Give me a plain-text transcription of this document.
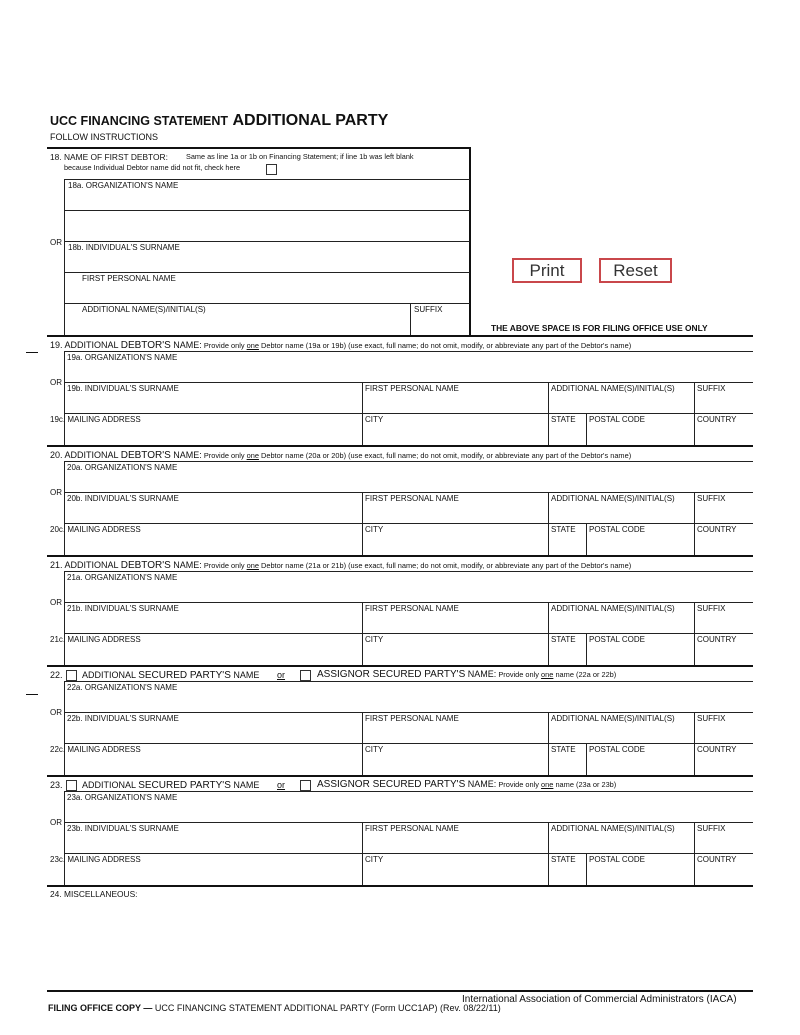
UCC FINANCING STATEMENT ADDITIONAL PARTY
FOLLOW INSTRUCTIONS
18. NAME OF FIRST DEBTOR: Same as line 1a or 1b on Financing Statement; if line 1b was left blank
because Individual Debtor name did not fit, check here
18a. ORGANIZATION'S NAME
OR
18b. INDIVIDUAL'S SURNAME
FIRST PERSONAL NAME
ADDITIONAL NAME(S)/INITIAL(S)	SUFFIX
Print	Reset
THE ABOVE SPACE IS FOR FILING OFFICE USE ONLY
19. ADDITIONAL DEBTOR'S NAME: Provide only one Debtor name (19a or 19b) (use exact, full name; do not omit, modify, or abbreviate any part of the Debtor's name)
19a. ORGANIZATION'S NAME
OR
19b. INDIVIDUAL'S SURNAME	FIRST PERSONAL NAME	ADDITIONAL NAME(S)/INITIAL(S)	SUFFIX
19c. MAILING ADDRESS	CITY	STATE POSTAL CODE	COUNTRY
20. ADDITIONAL DEBTOR'S NAME: Provide only one Debtor name (20a or 20b) (use exact, full name; do not omit, modify, or abbreviate any part of the Debtor's name)
20a. ORGANIZATION'S NAME
OR
20b. INDIVIDUAL'S SURNAME	FIRST PERSONAL NAME	ADDITIONAL NAME(S)/INITIAL(S)	SUFFIX
20c. MAILING ADDRESS	CITY	STATE POSTAL CODE	COUNTRY
21. ADDITIONAL DEBTOR'S NAME: Provide only one Debtor name (21a or 21b) (use exact, full name; do not omit, modify, or abbreviate any part of the Debtor's name)
21a. ORGANIZATION'S NAME
OR
21b. INDIVIDUAL'S SURNAME	FIRST PERSONAL NAME	ADDITIONAL NAME(S)/INITIAL(S)	SUFFIX
21c. MAILING ADDRESS	CITY	STATE POSTAL CODE	COUNTRY
22. ADDITIONAL SECURED PARTY'S NAME or	ASSIGNOR SECURED PARTY'S NAME: Provide only one name (22a or 22b)
22a. ORGANIZATION'S NAME
OR
22b. INDIVIDUAL'S SURNAME	FIRST PERSONAL NAME	ADDITIONAL NAME(S)/INITIAL(S)	SUFFIX
22c. MAILING ADDRESS	CITY	STATE POSTAL CODE	COUNTRY
23. ADDITIONAL SECURED PARTY'S NAME or	ASSIGNOR SECURED PARTY'S NAME: Provide only one name (23a or 23b)
23a. ORGANIZATION'S NAME
OR
23b. INDIVIDUAL'S SURNAME	FIRST PERSONAL NAME	ADDITIONAL NAME(S)/INITIAL(S)	SUFFIX
23c. MAILING ADDRESS	CITY	STATE POSTAL CODE	COUNTRY
24. MISCELLANEOUS:
International Association of Commercial Administrators (IACA)
FILING OFFICE COPY — UCC FINANCING STATEMENT ADDITIONAL PARTY (Form UCC1AP) (Rev. 08/22/11)
